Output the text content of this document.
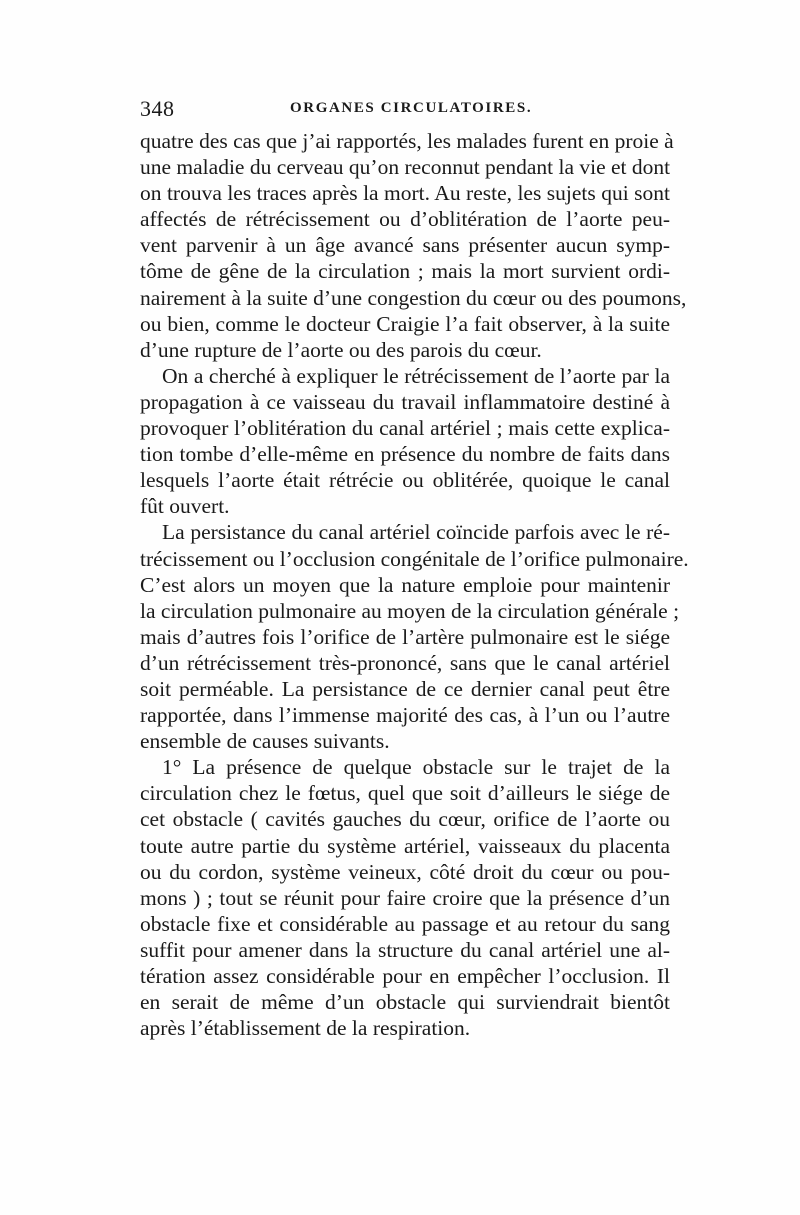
348	ORGANES CIRCULATOIRES.
quatre des cas que j’ai rapportés, les malades furent en proie à
une maladie du cerveau qu’on reconnut pendant la vie et dont
on trouva les traces après la mort. Au reste, les sujets qui sont
affectés de rétrécissement ou d’oblitération de l’aorte peu-
vent parvenir à un âge avancé sans présenter aucun symp-
tôme de gêne de la circulation ; mais la mort survient ordi-
nairement à la suite d’une congestion du cœur ou des poumons,
ou bien, comme le docteur Craigie l’a fait observer, à la suite
d’une rupture de l’aorte ou des parois du cœur.
On a cherché à expliquer le rétrécissement de l’aorte par la
propagation à ce vaisseau du travail inflammatoire destiné à
provoquer l’oblitération du canal artériel ; mais cette explica-
tion tombe d’elle-même en présence du nombre de faits dans
lesquels l’aorte était rétrécie ou oblitérée, quoique le canal
fût ouvert.
La persistance du canal artériel coïncide parfois avec le ré-
trécissement ou l’occlusion congénitale de l’orifice pulmonaire.
C’est alors un moyen que la nature emploie pour maintenir
la circulation pulmonaire au moyen de la circulation générale ;
mais d’autres fois l’orifice de l’artère pulmonaire est le siége
d’un rétrécissement très-prononcé, sans que le canal artériel
soit perméable. La persistance de ce dernier canal peut être
rapportée, dans l’immense majorité des cas, à l’un ou l’autre
ensemble de causes suivants.
1° La présence de quelque obstacle sur le trajet de la
circulation chez le fœtus, quel que soit d’ailleurs le siége de
cet obstacle ( cavités gauches du cœur, orifice de l’aorte ou
toute autre partie du système artériel, vaisseaux du placenta
ou du cordon, système veineux, côté droit du cœur ou pou-
mons ) ; tout se réunit pour faire croire que la présence d’un
obstacle fixe et considérable au passage et au retour du sang
suffit pour amener dans la structure du canal artériel une al-
tération assez considérable pour en empêcher l’occlusion. Il
en serait de même d’un obstacle qui surviendrait bientôt
après l’établissement de la respiration.
